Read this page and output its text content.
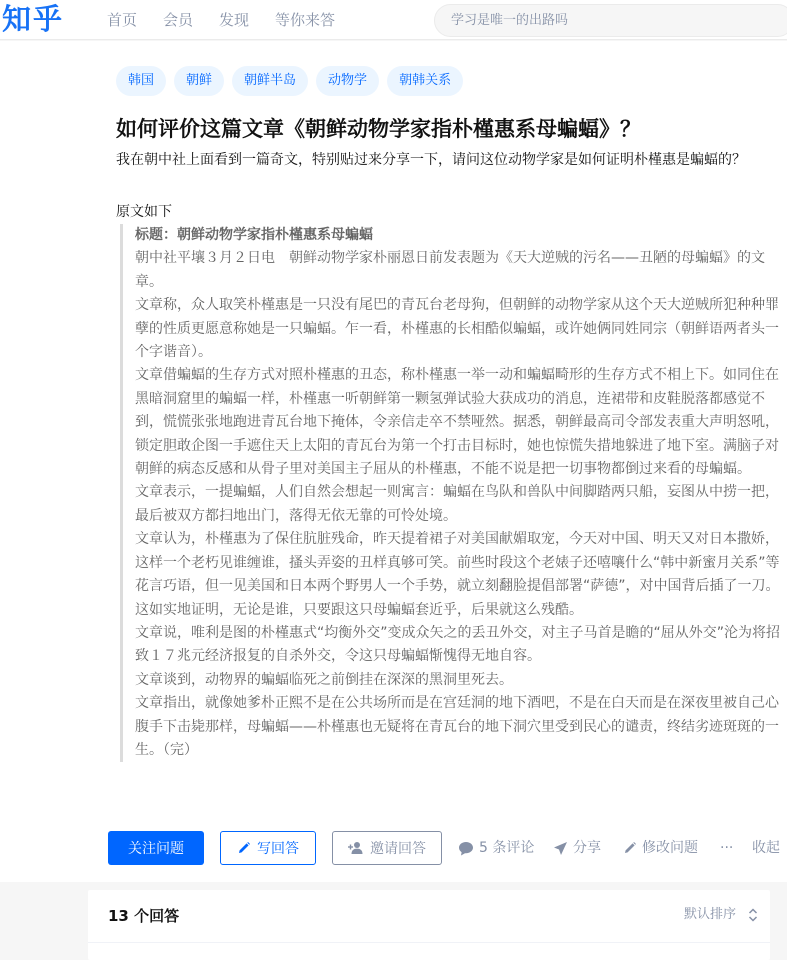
知乎	首页 会员 发现 等你来答
学习是唯一的出路吗
韩国	朝鲜	朝鲜半岛	动物学	朝韩关系
如何评价这篇文章《朝鲜动物学家指朴槿惠系母蝙蝠》？
我在朝中社上面看到一篇奇文，特别贴过来分享一下，请问这位动物学家是如何证明朴槿惠是蝙蝠的？
原文如下

标题：朝鲜动物学家指朴槿惠系母蝙蝠

朝中社平壤３月２日电　朝鲜动物学家朴丽恩日前发表题为《天大逆贼的污名——丑陋的母蝙蝠》的文章。

文章称，众人取笑朴槿惠是一只没有尾巴的青瓦台老母狗，但朝鲜的动物学家从这个天大逆贼所犯种种罪孽的性质更愿意称她是一只蝙蝠。乍一看，朴槿惠的长相酷似蝙蝠，或许她俩同姓同宗（朝鲜语两者头一个字谐音）。

文章借蝙蝠的生存方式对照朴槿惠的丑态，称朴槿惠一举一动和蝙蝠畸形的生存方式不相上下。如同住在黑暗洞窟里的蝙蝠一样，朴槿惠一听朝鲜第一颗氢弹试验大获成功的消息，连裙带和皮鞋脱落都感觉不到，慌慌张张地跑进青瓦台地下掩体，令亲信走卒不禁哑然。据悉，朝鲜最高司令部发表重大声明怒吼，锁定胆敢企图一手遮住天上太阳的青瓦台为第一个打击目标时，她也惊慌失措地躲进了地下室。满脑子对朝鲜的病态反感和从骨子里对美国主子屈从的朴槿惠，不能不说是把一切事物都倒过来看的母蝙蝠。

文章表示，一提蝙蝠，人们自然会想起一则寓言：蝙蝠在鸟队和兽队中间脚踏两只船，妄图从中捞一把，最后被双方都扫地出门，落得无依无靠的可怜处境。

文章认为，朴槿惠为了保住肮脏残命，昨天提着裙子对美国献媚取宠，今天对中国、明天又对日本撒娇，这样一个老朽见谁缠谁，搔头弄姿的丑样真够可笑。前些时段这个老婊子还嘻嚷什么“韩中新蜜月关系”等花言巧语，但一见美国和日本两个野男人一个手势，就立刻翻脸提倡部署“萨德”，对中国背后插了一刀。这如实地证明，无论是谁，只要跟这只母蝙蝠套近乎，后果就这么残酷。

文章说，唯利是图的朴槿惠式“均衡外交”变成众矢之的丢丑外交，对主子马首是瞻的“屈从外交”沦为将招致１７兆元经济报复的自杀外交，令这只母蝙蝠惭愧得无地自容。

文章谈到，动物界的蝙蝠临死之前倒挂在深深的黑洞里死去。

文章指出，就像她爹朴正熙不是在公共场所而是在宫廷洞的地下酒吧，不是在白天而是在深夜里被自己心腹手下击毙那样，母蝙蝠——朴槿惠也无疑将在青瓦台的地下洞穴里受到民心的谴责，终结劣迹斑斑的一生。（完）

关注问题	写回答	邀请回答	5 条评论	分享	修改问题 ··· 收起
13 个回答	默认排序
